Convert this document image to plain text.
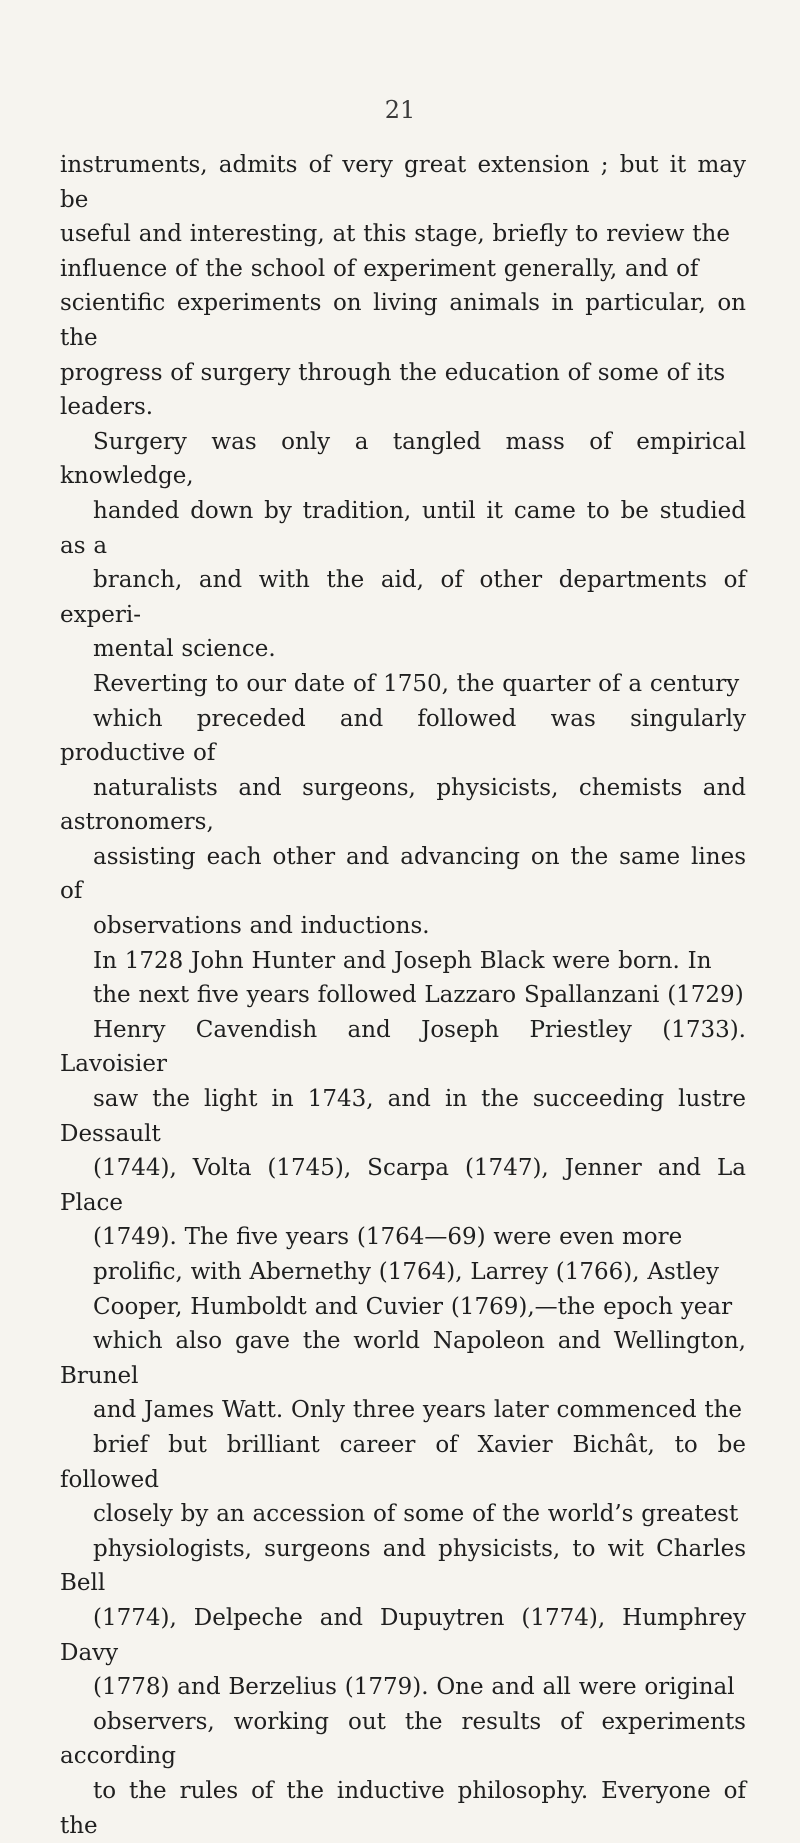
21

instruments, admits of very great extension ; but it may be
useful and interesting, at this stage, briefly to review the
influence of the school of experiment generally, and of
scientific experiments on living animals in particular, on the
progress of surgery through the education of some of its
leaders.

Surgery was only a tangled mass of empirical knowledge,
handed down by tradition, until it came to be studied as a
branch, and with the aid, of other departments of experi-
mental science.

Reverting to our date of 1750, the quarter of a century
which preceded and followed was singularly productive of
naturalists and surgeons, physicists, chemists and astronomers,
assisting each other and advancing on the same lines of
observations and inductions.

In 1728 John Hunter and Joseph Black were born. In
the next five years followed Lazzaro Spallanzani (1729)
Henry Cavendish and Joseph Priestley (1733). Lavoisier
saw the light in 1743, and in the succeeding lustre Dessault
(1744), Volta (1745), Scarpa (1747), Jenner and La Place
(1749). The five years (1764—69) were even more
prolific, with Abernethy (1764), Larrey (1766), Astley
Cooper, Humboldt and Cuvier (1769),—the epoch year
which also gave the world Napoleon and Wellington, Brunel
and James Watt. Only three years later commenced the
brief but brilliant career of Xavier Bichât, to be followed
closely by an accession of some of the world’s greatest
physiologists, surgeons and physicists, to wit Charles Bell
(1774), Delpeche and Dupuytren (1774), Humphrey Davy
(1778) and Berzelius (1779). One and all were original
observers, working out the results of experiments according
to the rules of the inductive philosophy. Everyone of the
